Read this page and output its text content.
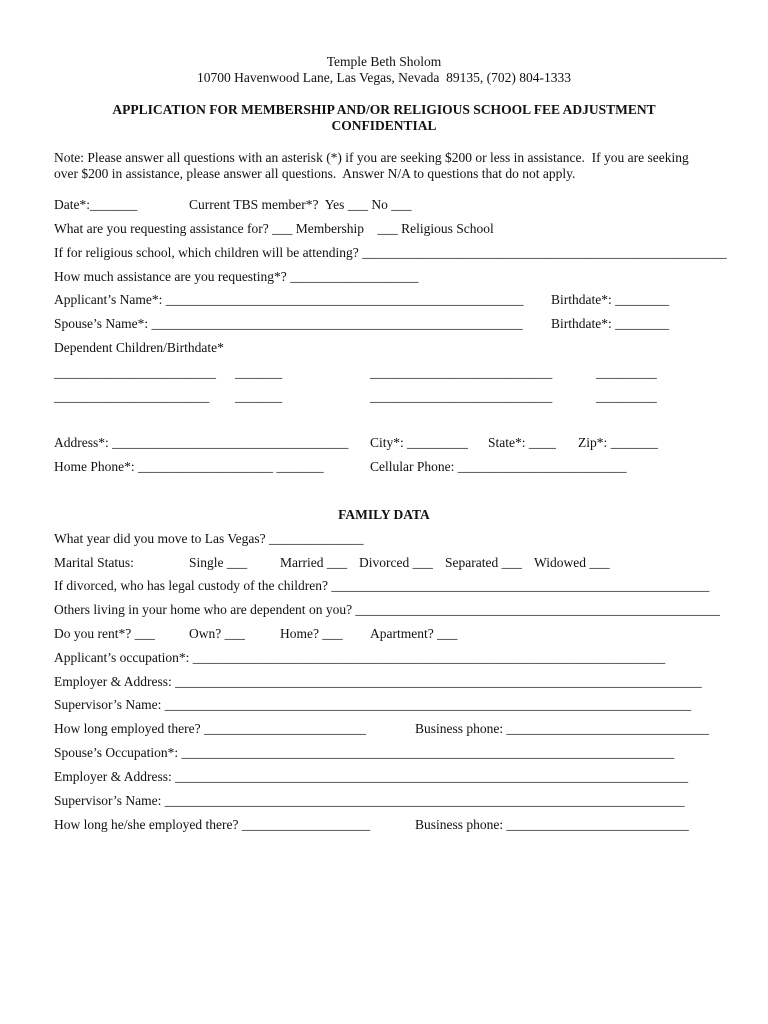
Temple Beth Sholom
10700 Havenwood Lane, Las Vegas, Nevada  89135, (702) 804-1333
APPLICATION FOR MEMBERSHIP AND/OR RELIGIOUS SCHOOL FEE ADJUSTMENT
CONFIDENTIAL
Note: Please answer all questions with an asterisk (*) if you are seeking $200 or less in assistance.  If you are seeking
over $200 in assistance, please answer all questions.  Answer N/A to questions that do not apply.
Date*:_______	Current TBS member*?  Yes ___ No ___
What are you requesting assistance for? ___ Membership    ___ Religious School
If for religious school, which children will be attending? ______________________________________________________
How much assistance are you requesting*? ___________________
Applicant’s Name*: _____________________________________________________ Birthdate*: ________
Spouse’s Name*: _______________________________________________________ Birthdate*: ________
Dependent Children/Birthdate*
________________________ _______	___________________________	_________
_______________________ _______	___________________________	_________
Address*: ___________________________________ City*: _________ State*: ____ Zip*: _______
Home Phone*: ____________________ _______	Cellular Phone: _________________________
FAMILY DATA
What year did you move to Las Vegas? ______________
Marital Status:	Single ___ Married ___ Divorced ___ Separated ___ Widowed ___
If divorced, who has legal custody of the children? ________________________________________________________
Others living in your home who are dependent on you? ______________________________________________________
Do you rent*? ___	Own? ___	Home? ___ Apartment? ___
Applicant’s occupation*: ______________________________________________________________________
Employer & Address: ______________________________________________________________________________
Supervisor’s Name: ______________________________________________________________________________
How long employed there? ________________________	Business phone: ______________________________
Spouse’s Occupation*: _________________________________________________________________________
Employer & Address: ____________________________________________________________________________
Supervisor’s Name: _____________________________________________________________________________
How long he/she employed there? ___________________	Business phone: ___________________________
